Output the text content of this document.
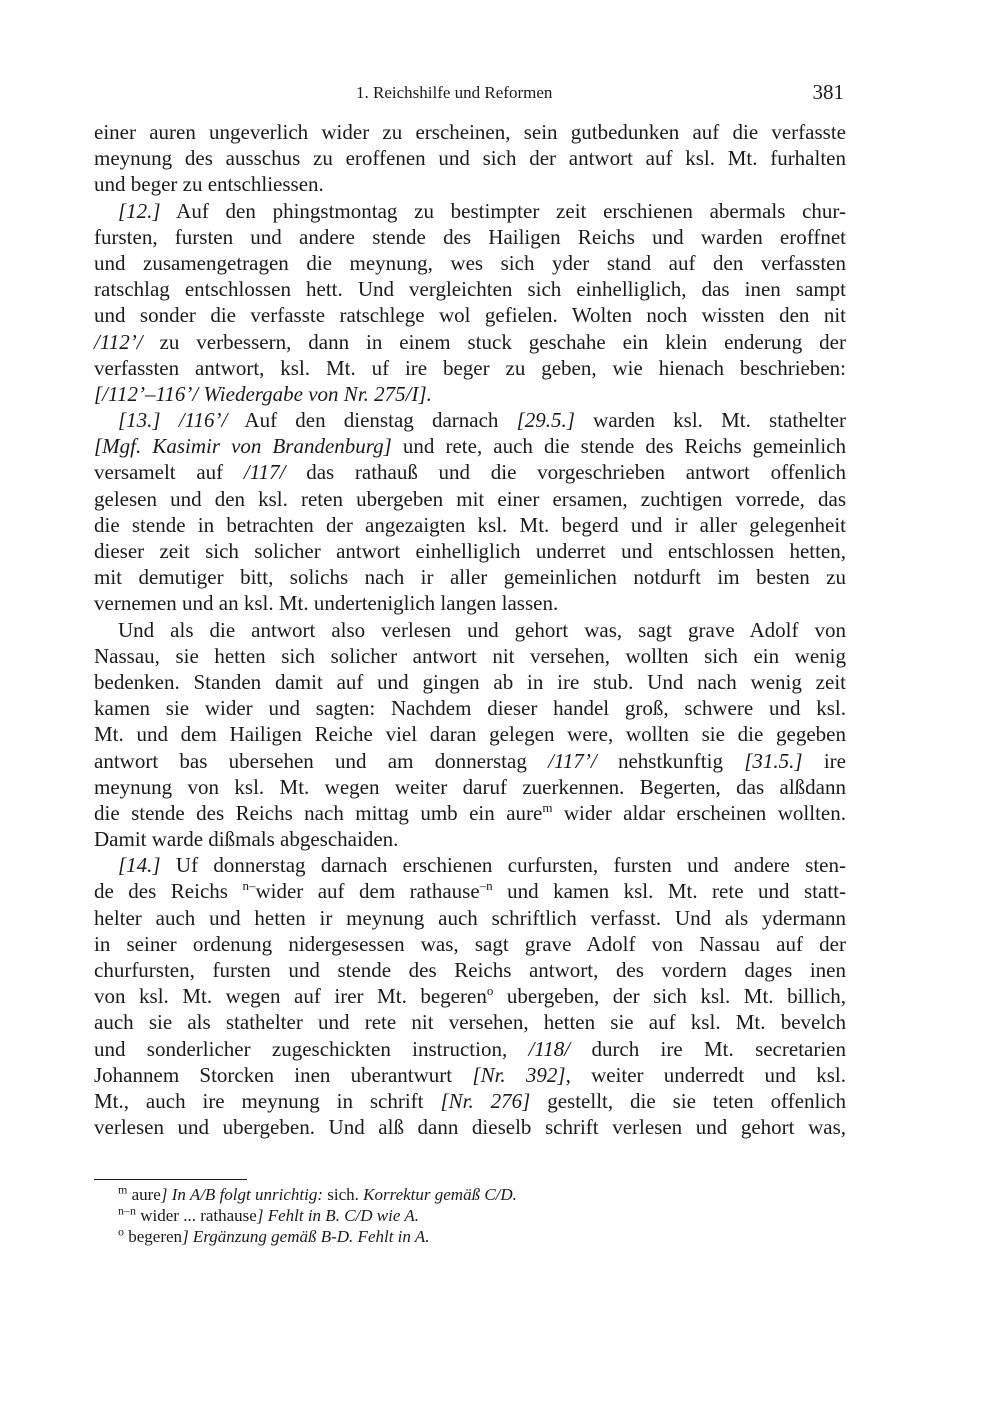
1. Reichshilfe und Reformen	381
einer auren ungeverlich wider zu erscheinen, sein gutbedunken auf die verfasste
meynung des ausschus zu eroffenen und sich der antwort auf ksl. Mt. furhalten
und beger zu entschliessen.
[12.] Auf den phingstmontag zu bestimpter zeit erschienen abermals chur-
fursten, fursten und andere stende des Hailigen Reichs und warden eroffnet
und zusamengetragen die meynung, wes sich yder stand auf den verfassten
ratschlag entschlossen hett. Und vergleichten sich einhelliglich, das inen sampt
und sonder die verfasste ratschlege wol gefielen. Wolten noch wissten den nit
/112’/ zu verbessern, dann in einem stuck geschahe ein klein enderung der
verfassten antwort, ksl. Mt. uf ire beger zu geben, wie hienach beschrieben:
[/112’–116’/ Wiedergabe von Nr. 275/I].
[13.] /116’/ Auf den dienstag darnach [29.5.] warden ksl. Mt. stathelter
[Mgf. Kasimir von Brandenburg] und rete, auch die stende des Reichs gemeinlich
versamelt auf /117/ das rathauß und die vorgeschrieben antwort offenlich
gelesen und den ksl. reten ubergeben mit einer ersamen, zuchtigen vorrede, das
die stende in betrachten der angezaigten ksl. Mt. begerd und ir aller gelegenheit
dieser zeit sich solicher antwort einhelliglich underret und entschlossen hetten,
mit demutiger bitt, solichs nach ir aller gemeinlichen notdurft im besten zu
vernemen und an ksl. Mt. underteniglich langen lassen.
Und als die antwort also verlesen und gehort was, sagt grave Adolf von
Nassau, sie hetten sich solicher antwort nit versehen, wollten sich ein wenig
bedenken. Standen damit auf und gingen ab in ire stub. Und nach wenig zeit
kamen sie wider und sagten: Nachdem dieser handel groß, schwere und ksl.
Mt. und dem Hailigen Reiche viel daran gelegen were, wollten sie die gegeben
antwort bas ubersehen und am donnerstag /117’/ nehstkunftig [31.5.] ire
meynung von ksl. Mt. wegen weiter daruf zuerkennen. Begerten, das alßdann
die stende des Reichs nach mittag umb ein aure$^m$ wider aldar erscheinen wollten.
Damit warde dißmals abgeschaiden.
[14.] Uf donnerstag darnach erschienen curfursten, fursten und andere sten-
de des Reichs $^{n-}$wider auf dem rathause$^{-n}$ und kamen ksl. Mt. rete und statt-
helter auch und hetten ir meynung auch schriftlich verfasst. Und als ydermann
in seiner ordenung nidergesessen was, sagt grave Adolf von Nassau auf der
churfursten, fursten und stende des Reichs antwort, des vordern dages inen
von ksl. Mt. wegen auf irer Mt. begeren$^o$ ubergeben, der sich ksl. Mt. billich,
auch sie als stathelter und rete nit versehen, hetten sie auf ksl. Mt. bevelch
und sonderlicher zugeschickten instruction, /118/ durch ire Mt. secretarien
Johannem Storcken inen uberantwurt [Nr. 392], weiter underredt und ksl.
Mt., auch ire meynung in schrift [Nr. 276] gestellt, die sie teten offenlich
verlesen und ubergeben. Und alß dann dieselb schrift verlesen und gehort was,
$^m$ aure] In A/B folgt unrichtig: sich. Korrektur gemäß C/D.
$^{n-n}$ wider ... rathause] Fehlt in B. C/D wie A.
$^o$ begeren] Ergänzung gemäß B-D. Fehlt in A.
